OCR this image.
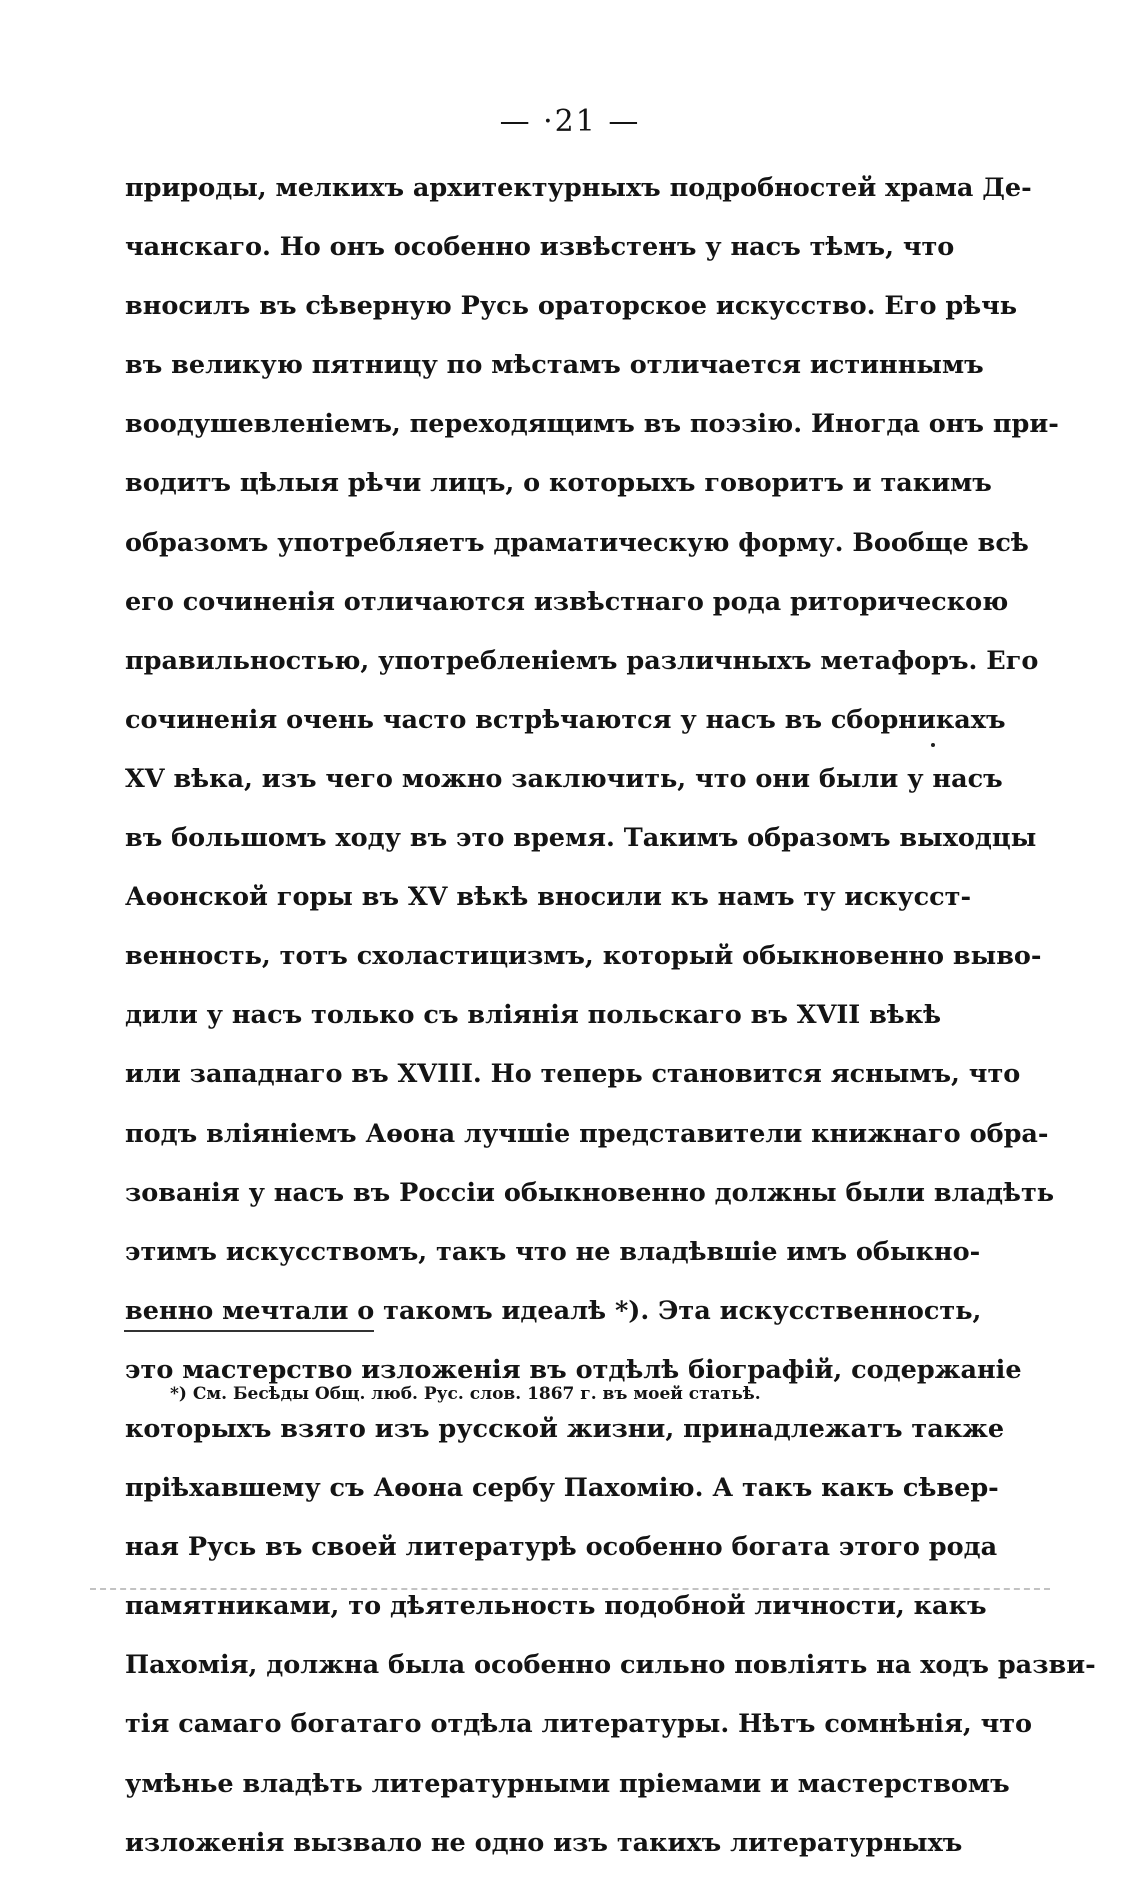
— ·21 —
природы, мелкихъ архитектурныхъ подробностей храма Де-
чанскаго. Но онъ особенно извѣстенъ у насъ тѣмъ, что
вносилъ въ сѣверную Русь ораторское искусство. Его рѣчь
въ великую пятницу по мѣстамъ отличается истиннымъ
воодушевленіемъ, переходящимъ въ поэзію. Иногда онъ при-
водитъ цѣлыя рѣчи лицъ, о которыхъ говоритъ и такимъ
образомъ употребляетъ драматическую форму. Вообще всѣ
его сочиненія отличаются извѣстнаго рода риторическою
правильностью, употребленіемъ различныхъ метафоръ. Его
сочиненія очень часто встрѣчаются у насъ въ сборникахъ
XV вѣка, изъ чего можно заключить, что они были у насъ
въ большомъ ходу въ это время. Такимъ образомъ выходцы
Аѳонской горы въ XV вѣкѣ вносили къ намъ ту искусст-
венность, тотъ схоластицизмъ, который обыкновенно выво-
дили у насъ только съ вліянія польскаго въ XVII вѣкѣ
или западнаго въ XVIII. Но теперь становится яснымъ, что
подъ вліяніемъ Аѳона лучшіе представители книжнаго обра-
зованія у насъ въ Россіи обыкновенно должны были владѣть
этимъ искусствомъ, такъ что не владѣвшіе имъ обыкно-
венно мечтали о такомъ идеалѣ *). Эта искусственность,
это мастерство изложенія въ отдѣлѣ біографій, содержаніе
которыхъ взято изъ русской жизни, принадлежатъ также
пріѣхавшему съ Аѳона сербу Пахомію. А такъ какъ сѣвер-
ная Русь въ своей литературѣ особенно богата этого рода
памятниками, то дѣятельность подобной личности, какъ
Пахомія, должна была особенно сильно повліять на ходъ разви-
тія самаго богатаго отдѣла литературы. Нѣтъ сомнѣнія, что
умѣнье владѣть литературными пріемами и мастерствомъ
изложенія вызвало не одно изъ такихъ литературныхъ
*) См. Бесѣды Общ. люб. Рус. слов. 1867 г. въ моей статьѣ.
